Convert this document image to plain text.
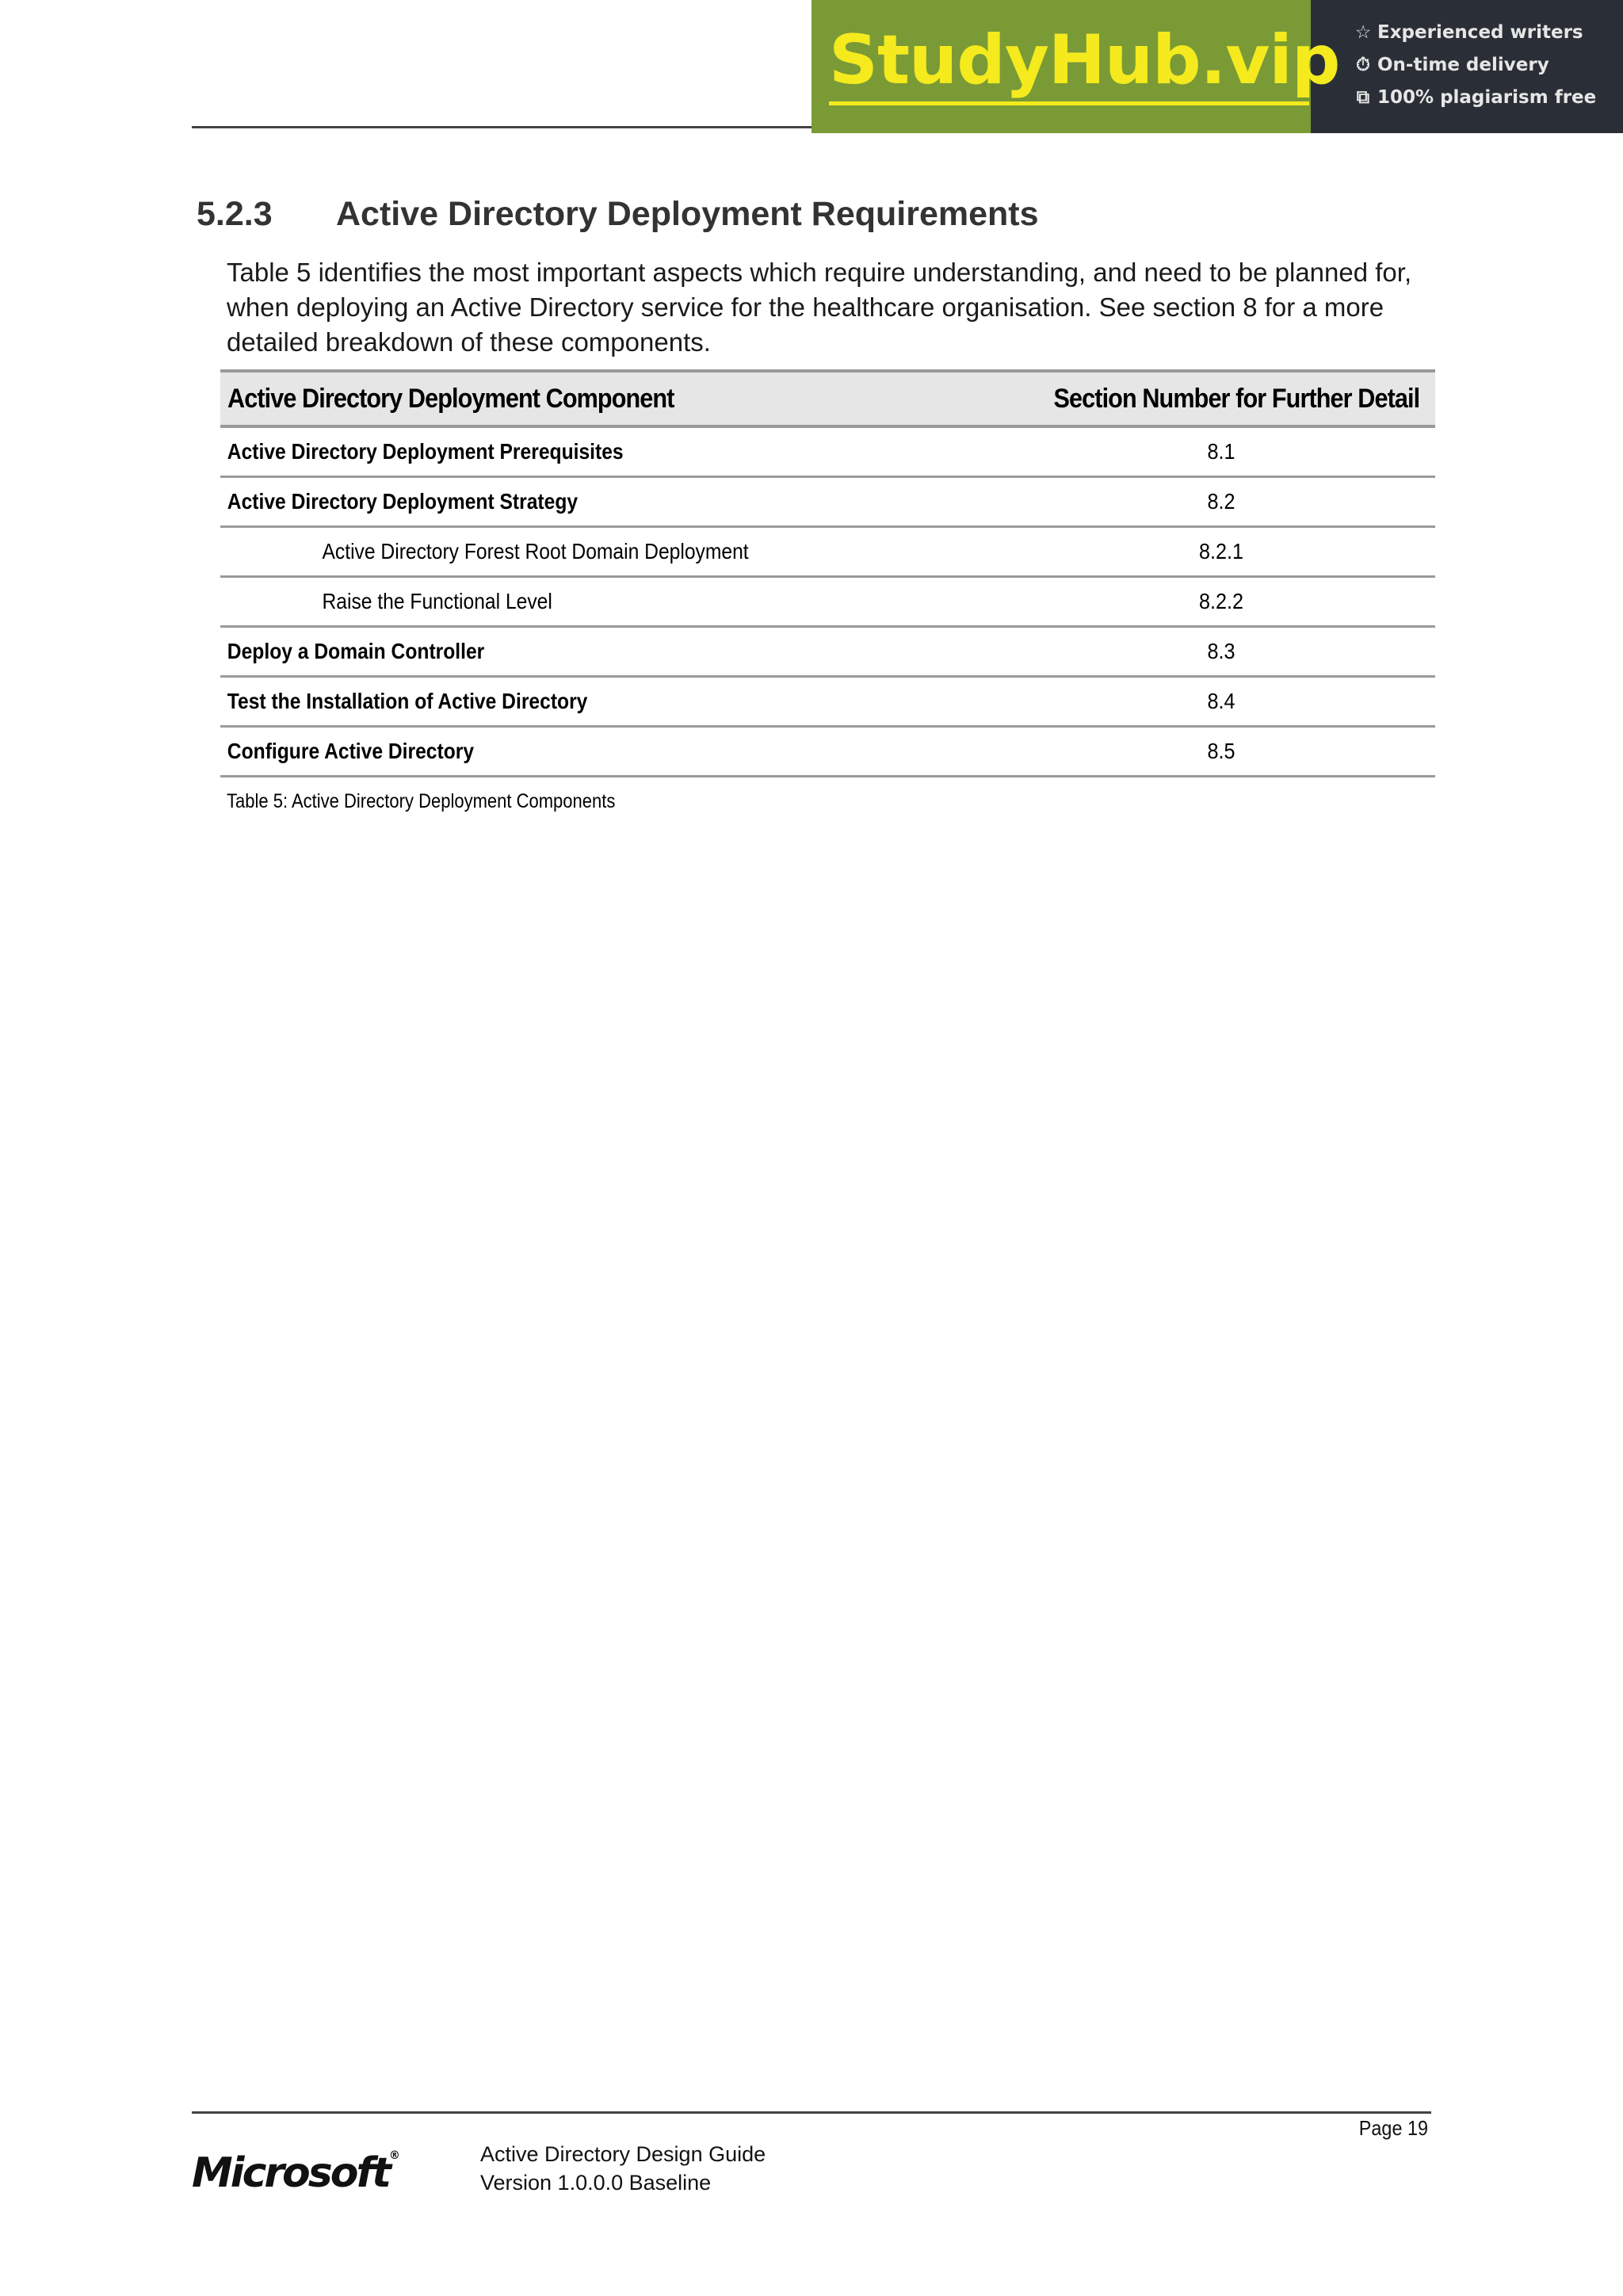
StudyHub.vip ☆ Experienced writers
⏱ On-time delivery
⧉ 100% plagiarism free
5.2.3 Active Directory Deployment Requirements
Table 5 identifies the most important aspects which require understanding, and need to be planned for, when deploying an Active Directory service for the healthcare organisation. See section 8 for a more detailed breakdown of these components.
Active Directory Deployment Component	Section Number for Further Detail
Active Directory Deployment Prerequisites	8.1
Active Directory Deployment Strategy	8.2
Active Directory Forest Root Domain Deployment	8.2.1
Raise the Functional Level	8.2.2
Deploy a Domain Controller	8.3
Test the Installation of Active Directory	8.4
Configure Active Directory	8.5
Table 5: Active Directory Deployment Components
Page 19
Microsoft®	Active Directory Design Guide
Version 1.0.0.0 Baseline
